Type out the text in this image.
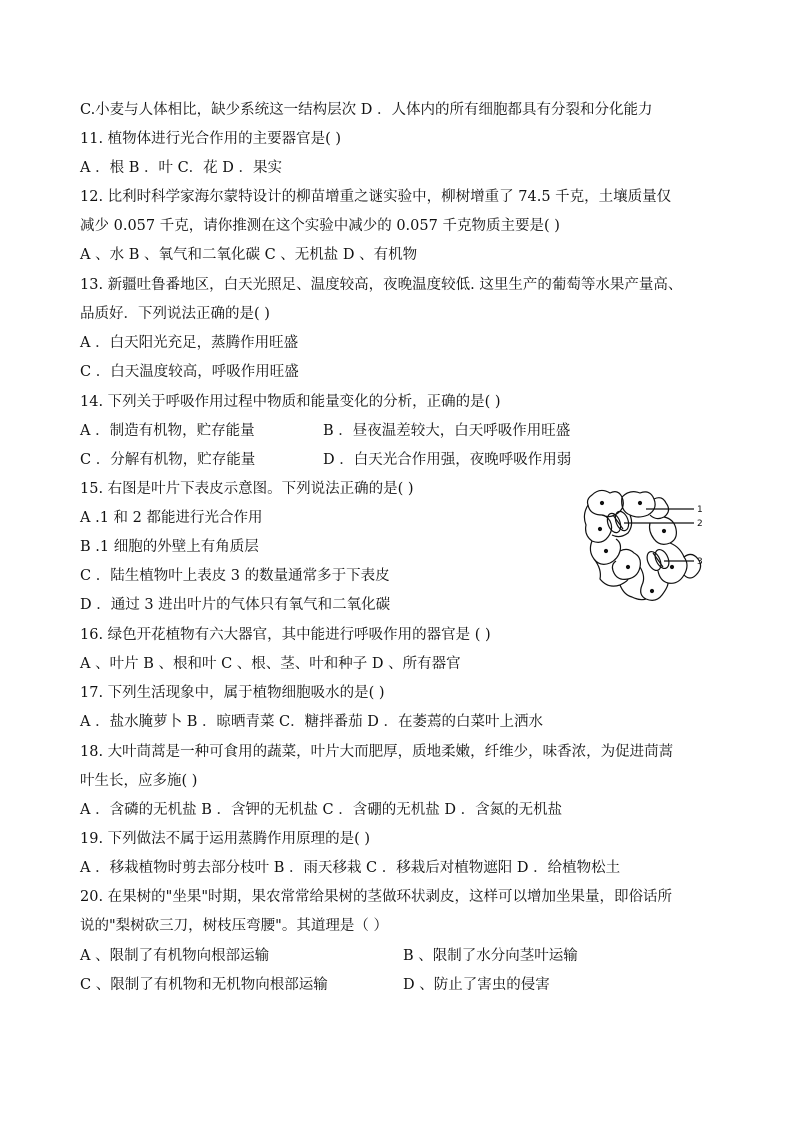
C.小麦与人体相比，缺少系统这一结构层次 D ．人体内的所有细胞都具有分裂和分化能力
11. 植物体进行光合作用的主要器官是( )
A ．根 B ．叶 C．花 D ．果实
12. 比利时科学家海尔蒙特设计的柳苗增重之谜实验中，柳树增重了 74.5 千克，土壤质量仅
减少 0.057 千克，请你推测在这个实验中减少的 0.057 千克物质主要是( )
A 、水 B 、氧气和二氧化碳 C 、无机盐 D 、有机物
13. 新疆吐鲁番地区，白天光照足、温度较高，夜晚温度较低. 这里生产的葡萄等水果产量高、
品质好．下列说法正确的是( )
A ．白天阳光充足，蒸腾作用旺盛
C ．白天温度较高，呼吸作用旺盛
14. 下列关于呼吸作用过程中物质和能量变化的分析，正确的是( )
A ．制造有机物，贮存能量	B ．昼夜温差较大，白天呼吸作用旺盛
C ．分解有机物，贮存能量	D ．白天光合作用强，夜晚呼吸作用弱
15. 右图是叶片下表皮示意图。下列说法正确的是( )
A .1 和 2 都能进行光合作用
B .1 细胞的外壁上有角质层
C ．陆生植物叶上表皮 3 的数量通常多于下表皮
D ．通过 3 进出叶片的气体只有氧气和二氧化碳
1
2
3
16. 绿色开花植物有六大器官，其中能进行呼吸作用的器官是 ( )
A 、叶片 B 、根和叶 C 、根、茎、叶和种子 D 、所有器官
17. 下列生活现象中，属于植物细胞吸水的是( )
A ．盐水腌萝卜 B ．晾晒青菜 C．糖拌番茄 D ．在萎蔫的白菜叶上洒水
18. 大叶茼蒿是一种可食用的蔬菜，叶片大而肥厚，质地柔嫩，纤维少，味香浓，为促进茼蒿
叶生长，应多施( )
A ．含磷的无机盐 B ．含钾的无机盐 C ．含硼的无机盐 D ．含氮的无机盐
19. 下列做法不属于运用蒸腾作用原理的是( )
A ．移栽植物时剪去部分枝叶 B ．雨天移栽 C ．移栽后对植物遮阳 D ．给植物松土
20. 在果树的"坐果"时期，果农常常给果树的茎做环状剥皮，这样可以增加坐果量，即俗话所
说的"梨树砍三刀，树枝压弯腰"。其道理是（ ）
A 、限制了有机物向根部运输	B 、限制了水分向茎叶运输
C 、限制了有机物和无机物向根部运输	D 、防止了害虫的侵害
